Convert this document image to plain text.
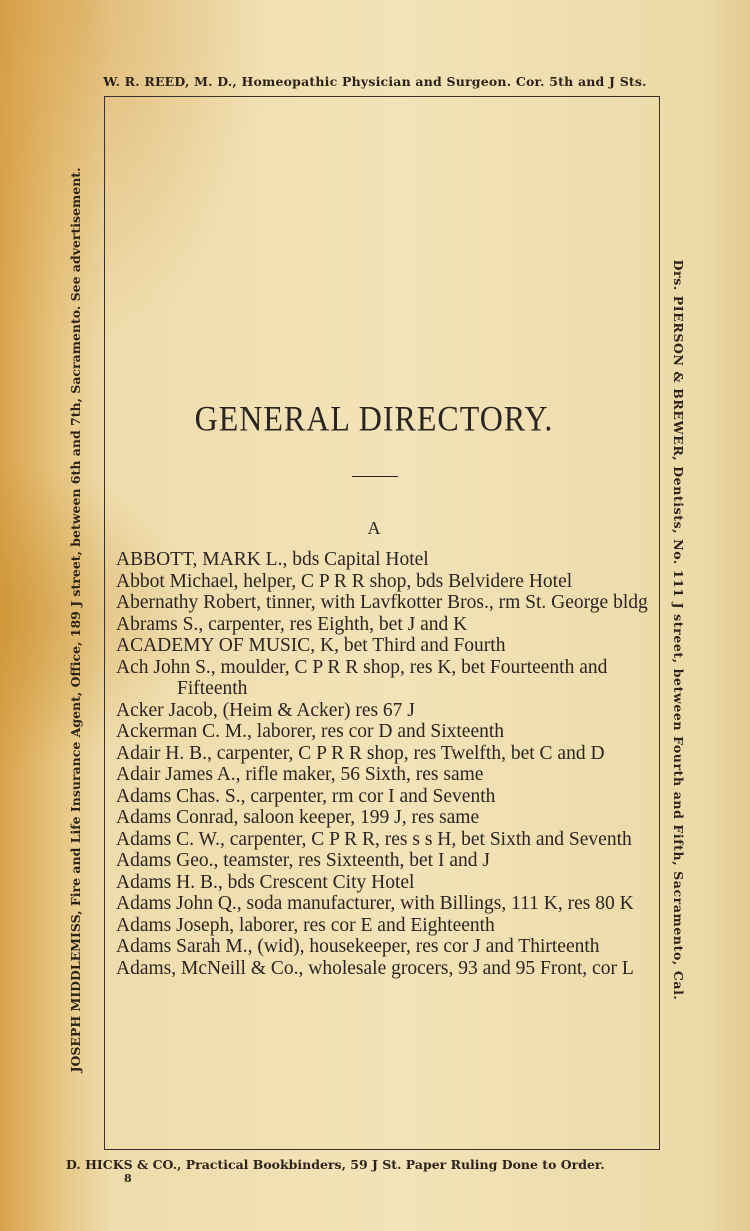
W. R. REED, M. D., Homeopathic Physician and Surgeon. Cor. 5th and J Sts.
JOSEPH MIDDLEMISS, Fire and Life Insurance Agent, Office, 189 J street, between 6th and 7th, Sacramento. See advertisement.	Drs. PIERSON & BREWER, Dentists, No. 111 J street, between Fourth and Fifth, Sacramento, Cal.
GENERAL DIRECTORY.
A
ABBOTT, MARK L., bds Capital Hotel
Abbot Michael, helper, C P R R shop, bds Belvidere Hotel
Abernathy Robert, tinner, with Lavfkotter Bros., rm St. George bldg
Abrams S., carpenter, res Eighth, bet J and K
ACADEMY OF MUSIC, K, bet Third and Fourth
Ach John S., moulder, C P R R shop, res K, bet Fourteenth and Fifteenth
Acker Jacob, (Heim & Acker) res 67 J
Ackerman C. M., laborer, res cor D and Sixteenth
Adair H. B., carpenter, C P R R shop, res Twelfth, bet C and D
Adair James A., rifle maker, 56 Sixth, res same
Adams Chas. S., carpenter, rm cor I and Seventh
Adams Conrad, saloon keeper, 199 J, res same
Adams C. W., carpenter, C P R R, res s s H, bet Sixth and Seventh
Adams Geo., teamster, res Sixteenth, bet I and J
Adams H. B., bds Crescent City Hotel
Adams John Q., soda manufacturer, with Billings, 111 K, res 80 K
Adams Joseph, laborer, res cor E and Eighteenth
Adams Sarah M., (wid), housekeeper, res cor J and Thirteenth
Adams, McNeill & Co., wholesale grocers, 93 and 95 Front, cor L
D. HICKS & CO., Practical Bookbinders, 59 J St. Paper Ruling Done to Order.
8
